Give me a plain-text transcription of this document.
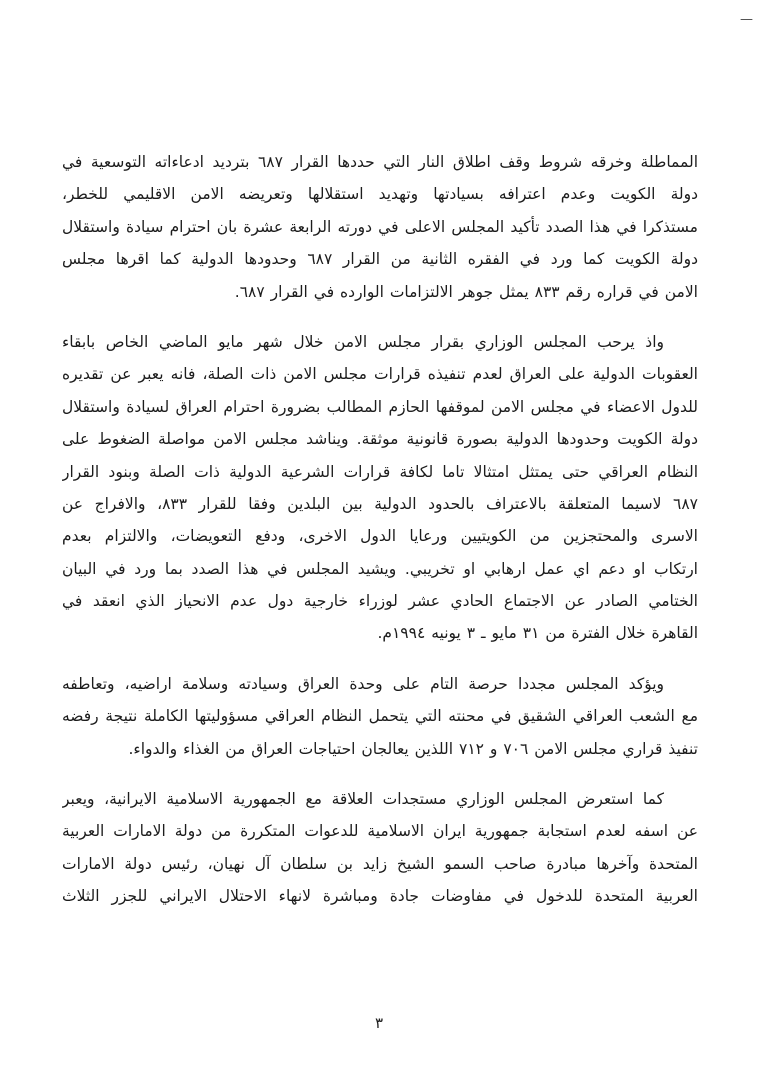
—
المماطلة وخرقه شروط وقف اطلاق النار التي حددها القرار ٦٨٧ بترديد ادعاءاته التوسعية في
دولة الكويت وعدم اعترافه بسيادتها وتهديد استقلالها وتعريضه الامن الاقليمي للخطر،
مستذكرا في هذا الصدد تأكيد المجلس الاعلى في دورته الرابعة عشرة بان احترام سيادة واستقلال
دولة الكويت كما ورد في الفقره الثانية من القرار ٦٨٧ وحدودها الدولية كما اقرها مجلس
الامن في قراره رقم ٨٣٣ يمثل جوهر الالتزامات الوارده في القرار ٦٨٧.
واذ يرحب المجلس الوزاري بقرار مجلس الامن خلال شهر مايو الماضي الخاص بابقاء
العقوبات الدولية على العراق لعدم تنفيذه قرارات مجلس الامن ذات الصلة، فانه يعبر عن تقديره
للدول الاعضاء في مجلس الامن لموقفها الحازم المطالب بضرورة احترام العراق لسيادة واستقلال
دولة الكويت وحدودها الدولية بصورة قانونية موثقة. ويناشد مجلس الامن مواصلة الضغوط على
النظام العراقي حتى يمتثل امتثالا تاما لكافة قرارات الشرعية الدولية ذات الصلة وبنود القرار
٦٨٧ لاسيما المتعلقة بالاعتراف بالحدود الدولية بين البلدين وفقا للقرار ٨٣٣، والافراج عن
الاسرى والمحتجزين من الكويتيين ورعايا الدول الاخرى، ودفع التعويضات، والالتزام بعدم
ارتكاب او دعم اي عمل ارهابي او تخريبي. ويشيد المجلس في هذا الصدد بما ورد في البيان
الختامي الصادر عن الاجتماع الحادي عشر لوزراء خارجية دول عدم الانحياز الذي انعقد في
القاهرة خلال الفترة من ٣١ مايو ـ ٣ يونيه ١٩٩٤م.
ويؤكد المجلس مجددا حرصة التام على وحدة العراق وسيادته وسلامة اراضيه، وتعاطفه
مع الشعب العراقي الشقيق في محنته التي يتحمل النظام العراقي مسؤوليتها الكاملة نتيجة رفضه
تنفيذ قراري مجلس الامن ٧٠٦ و ٧١٢ اللذين يعالجان احتياجات العراق من الغذاء والدواء.
كما استعرض المجلس الوزاري مستجدات العلاقة مع الجمهورية الاسلامية الايرانية، ويعبر
عن اسفه لعدم استجابة جمهورية ايران الاسلامية للدعوات المتكررة من دولة الامارات العربية
المتحدة وآخرها مبادرة صاحب السمو الشيخ زايد بن سلطان آل نهيان، رئيس دولة الامارات
العربية المتحدة للدخول في مفاوضات جادة ومباشرة لانهاء الاحتلال الايراني للجزر الثلاث
٣
